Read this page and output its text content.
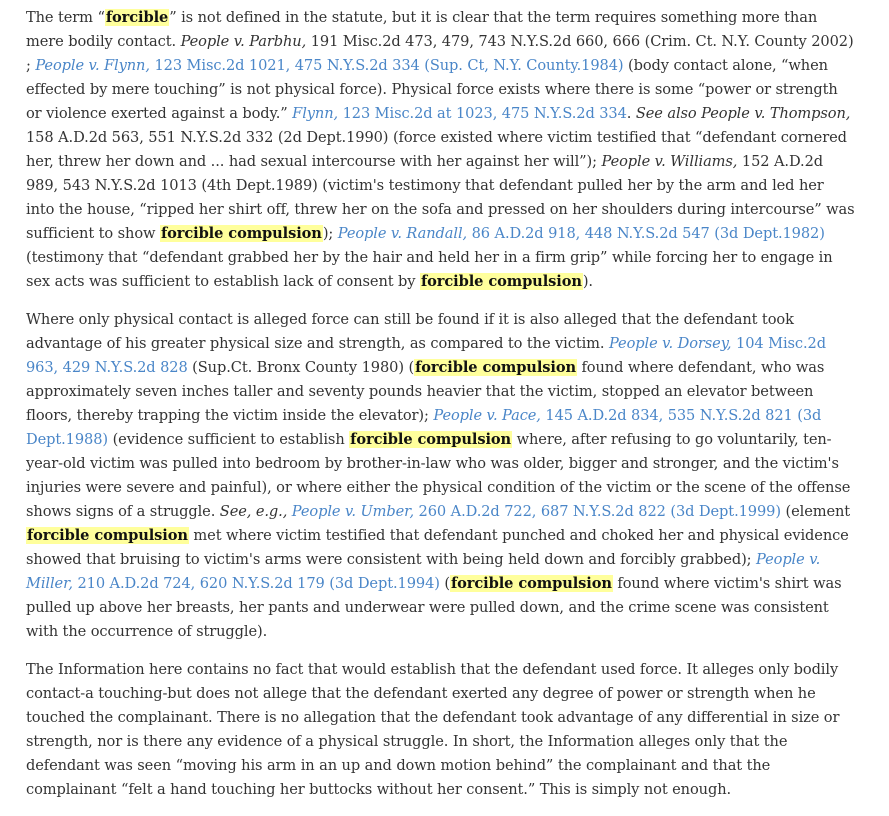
The term “forcible” is not defined in the statute, but it is clear that the term requires something more than mere bodily contact. People v. Parbhu, 191 Misc.2d 473, 479, 743 N.Y.S.2d 660, 666 (Crim. Ct. N.Y. County 2002) ; People v. Flynn, 123 Misc.2d 1021, 475 N.Y.S.2d 334 (Sup. Ct, N.Y. County.1984) (body contact alone, “when effected by mere touching” is not physical force). Physical force exists where there is some “power or strength or violence exerted against a body.” Flynn, 123 Misc.2d at 1023, 475 N.Y.S.2d 334. See also People v. Thompson, 158 A.D.2d 563, 551 N.Y.S.2d 332 (2d Dept.1990) (force existed where victim testified that “defendant cornered her, threw her down and ... had sexual intercourse with her against her will”); People v. Williams, 152 A.D.2d 989, 543 N.Y.S.2d 1013 (4th Dept.1989) (victim's testimony that defendant pulled her by the arm and led her into the house, “ripped her shirt off, threw her on the sofa and pressed on her shoulders during intercourse” was sufficient to show forcible compulsion); People v. Randall, 86 A.D.2d 918, 448 N.Y.S.2d 547 (3d Dept.1982) (testimony that “defendant grabbed her by the hair and held her in a firm grip” while forcing her to engage in sex acts was sufficient to establish lack of consent by forcible compulsion).

Where only physical contact is alleged force can still be found if it is also alleged that the defendant took advantage of his greater physical size and strength, as compared to the victim. People v. Dorsey, 104 Misc.2d 963, 429 N.Y.S.2d 828 (Sup.Ct. Bronx County 1980) (forcible compulsion found where defendant, who was approximately seven inches taller and seventy pounds heavier that the victim, stopped an elevator between floors, thereby trapping the victim inside the elevator); People v. Pace, 145 A.D.2d 834, 535 N.Y.S.2d 821 (3d Dept.1988) (evidence sufficient to establish forcible compulsion where, after refusing to go voluntarily, ten-year-old victim was pulled into bedroom by brother-in-law who was older, bigger and stronger, and the victim's injuries were severe and painful), or where either the physical condition of the victim or the scene of the offense shows signs of a struggle. See, e.g., People v. Umber, 260 A.D.2d 722, 687 N.Y.S.2d 822 (3d Dept.1999) (element forcible compulsion met where victim testified that defendant punched and choked her and physical evidence showed that bruising to victim's arms were consistent with being held down and forcibly grabbed); People v. Miller, 210 A.D.2d 724, 620 N.Y.S.2d 179 (3d Dept.1994) (forcible compulsion found where victim's shirt was pulled up above her breasts, her pants and underwear were pulled down, and the crime scene was consistent with the occurrence of struggle).

The Information here contains no fact that would establish that the defendant used force. It alleges only bodily contact-a touching-but does not allege that the defendant exerted any degree of power or strength when he touched the complainant. There is no allegation that the defendant took advantage of any differential in size or strength, nor is there any evidence of a physical struggle. In short, the Information alleges only that the defendant was seen “moving his arm in an up and down motion behind” the complainant and that the complainant “felt a hand touching her buttocks without her consent.” This is simply not enough.
